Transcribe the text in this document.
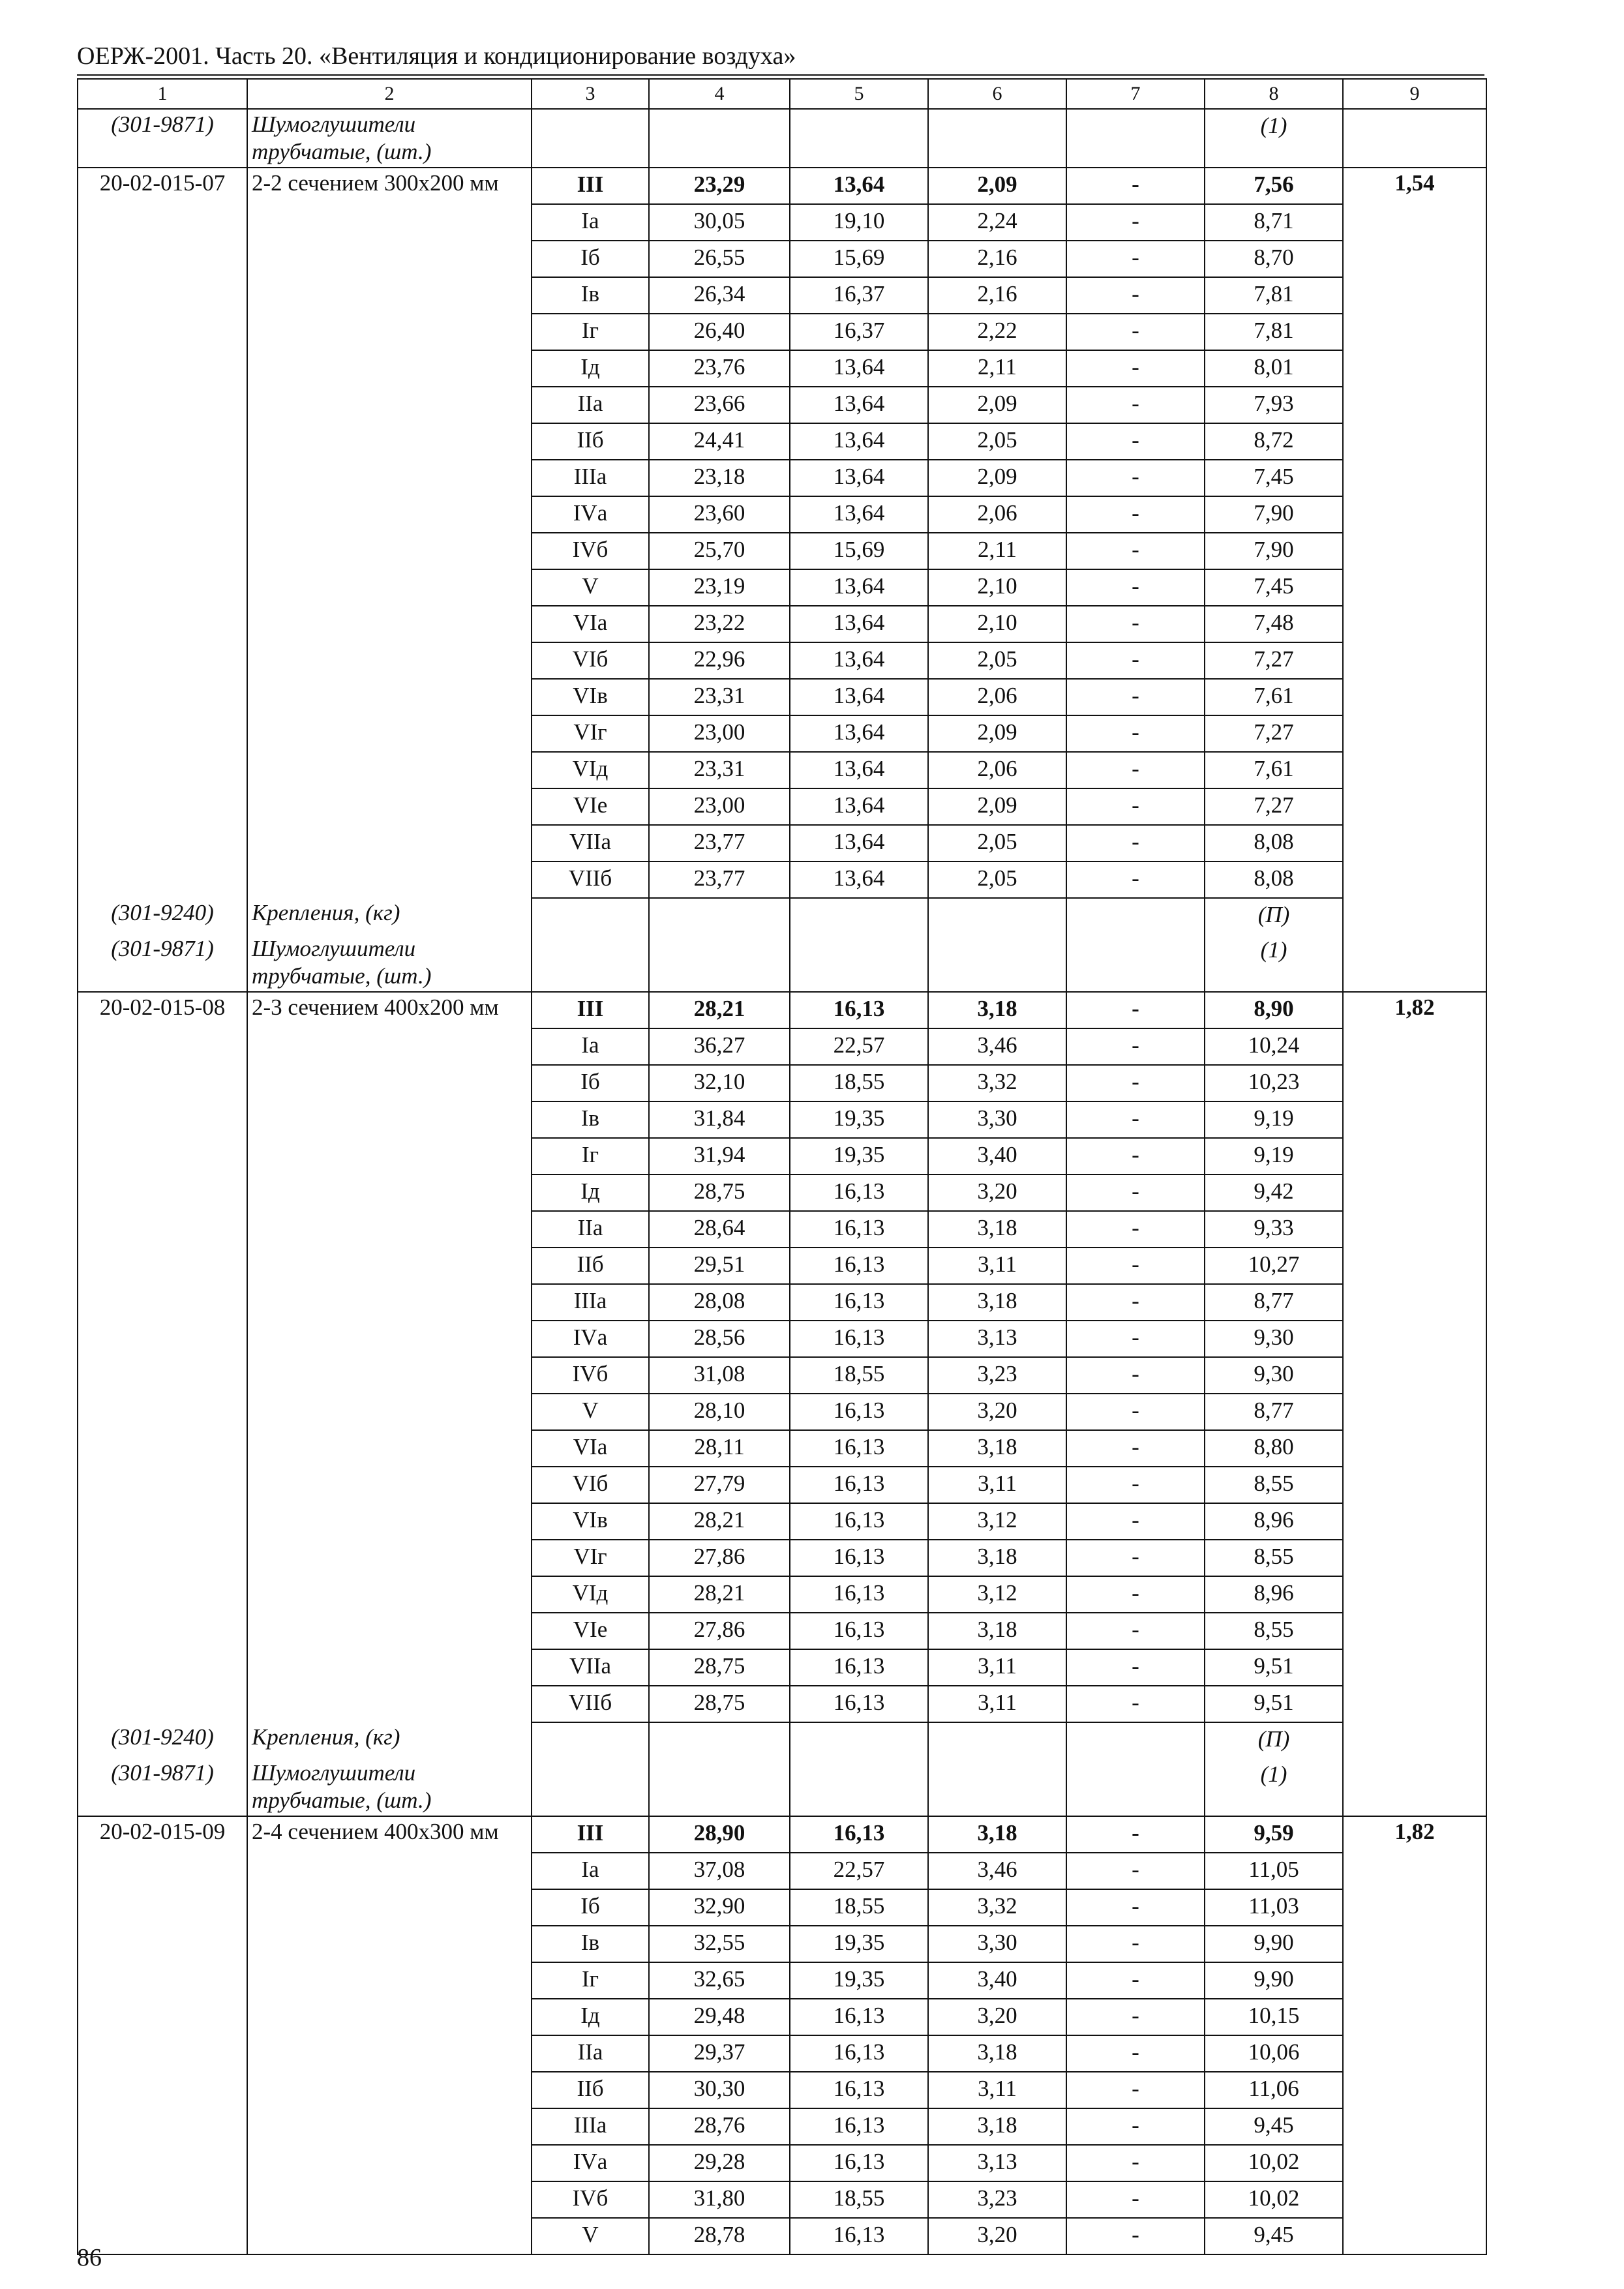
ОЕРЖ-2001. Часть 20. «Вентиляция и кондиционирование воздуха»
1	2	3	4	5	6	7	8	9
(301-9871)	Шумоглушители трубчатые, (шт.)						(1)	
20-02-015-07	2-2 сечением 300x200 мм	III	23,29	13,64	2,09	-	7,56	1,54
		Iа	30,05	19,10	2,24	-	8,71	
		Iб	26,55	15,69	2,16	-	8,70	
		Iв	26,34	16,37	2,16	-	7,81	
		Iг	26,40	16,37	2,22	-	7,81	
		Iд	23,76	13,64	2,11	-	8,01	
		IIа	23,66	13,64	2,09	-	7,93	
		IIб	24,41	13,64	2,05	-	8,72	
		IIIа	23,18	13,64	2,09	-	7,45	
		IVа	23,60	13,64	2,06	-	7,90	
		IVб	25,70	15,69	2,11	-	7,90	
		V	23,19	13,64	2,10	-	7,45	
		VIа	23,22	13,64	2,10	-	7,48	
		VIб	22,96	13,64	2,05	-	7,27	
		VIв	23,31	13,64	2,06	-	7,61	
		VIг	23,00	13,64	2,09	-	7,27	
		VIд	23,31	13,64	2,06	-	7,61	
		VIе	23,00	13,64	2,09	-	7,27	
		VIIа	23,77	13,64	2,05	-	8,08	
		VIIб	23,77	13,64	2,05	-	8,08	
(301-9240)	Крепления, (кг)						(П)	
(301-9871)	Шумоглушители трубчатые, (шт.)						(1)	
20-02-015-08	2-3 сечением 400x200 мм	III	28,21	16,13	3,18	-	8,90	1,82
		Iа	36,27	22,57	3,46	-	10,24	
		Iб	32,10	18,55	3,32	-	10,23	
		Iв	31,84	19,35	3,30	-	9,19	
		Iг	31,94	19,35	3,40	-	9,19	
		Iд	28,75	16,13	3,20	-	9,42	
		IIа	28,64	16,13	3,18	-	9,33	
		IIб	29,51	16,13	3,11	-	10,27	
		IIIа	28,08	16,13	3,18	-	8,77	
		IVа	28,56	16,13	3,13	-	9,30	
		IVб	31,08	18,55	3,23	-	9,30	
		V	28,10	16,13	3,20	-	8,77	
		VIа	28,11	16,13	3,18	-	8,80	
		VIб	27,79	16,13	3,11	-	8,55	
		VIв	28,21	16,13	3,12	-	8,96	
		VIг	27,86	16,13	3,18	-	8,55	
		VIд	28,21	16,13	3,12	-	8,96	
		VIе	27,86	16,13	3,18	-	8,55	
		VIIа	28,75	16,13	3,11	-	9,51	
		VIIб	28,75	16,13	3,11	-	9,51	
(301-9240)	Крепления, (кг)						(П)	
(301-9871)	Шумоглушители трубчатые, (шт.)						(1)	
20-02-015-09	2-4 сечением 400x300 мм	III	28,90	16,13	3,18	-	9,59	1,82
		Iа	37,08	22,57	3,46	-	11,05	
		Iб	32,90	18,55	3,32	-	11,03	
		Iв	32,55	19,35	3,30	-	9,90	
		Iг	32,65	19,35	3,40	-	9,90	
		Iд	29,48	16,13	3,20	-	10,15	
		IIа	29,37	16,13	3,18	-	10,06	
		IIб	30,30	16,13	3,11	-	11,06	
		IIIа	28,76	16,13	3,18	-	9,45	
		IVа	29,28	16,13	3,13	-	10,02	
		IVб	31,80	18,55	3,23	-	10,02	
		V	28,78	16,13	3,20	-	9,45	
86
